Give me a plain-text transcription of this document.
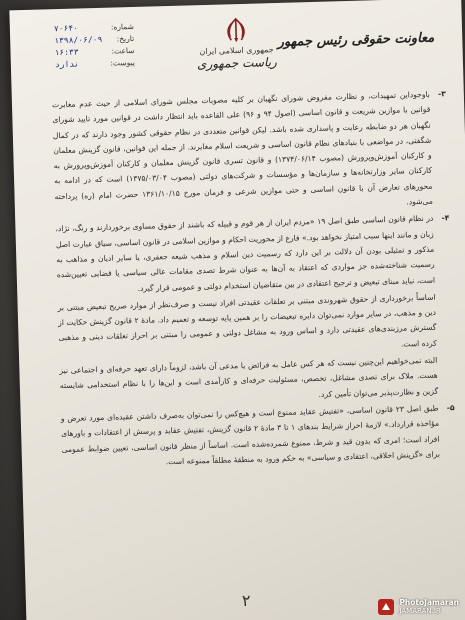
معاونت حقوقی رئیس جمهور
جمهوری اسلامی ایران
ریاست جمهوری
شماره:
۷۰۶۴۰
تاریخ:
۱۳۹۸/۰۶/۰۹
ساعت:
۱۶:۳۳
پیوست:
ندارد
۳-

باوجوداین تمهیدات، و نظارت مفروض شورای نگهبان بر کلیه مصوبات مجلس شورای اسلامی از حیث عدم مغایرت قوانین با موازین شریعت و قانون اساسی (اصول ۹۴ و ۹۶) علی القاعده باید انتظار داشت در قوانین مورد تایید شورای نگهبان هر دو ضابطه رعایت و پاسداری شده باشد. لیکن قوانین متعددی در نظام حقوقی کشور وجود دارند که در کمال شگفتی، در مواضعی با بنیادهای نظام قانون اساسی و شریعت اسلام مغایرند. از جمله این قوانین، قانون گزینش معلمان و کارکنان آموزش‌وپرورش (مصوب ۱۳۷۴/۰۶/۱۴) و قانون تسری قانون گزینش معلمان و کارکنان آموزش‌وپرورش به کارکنان سایر وزارتخانه‌ها و سازمان‌ها و مؤسسات و شرکت‌های دولتی (مصوب ۱۳۷۵/۰۳/۰۴) است که در ادامه به محورهای تعارض آن با قانون اساسی و حتی موازین شرعی و فرمان مورخ ۱۳۶۱/۱۰/۱۵ حضرت امام (ره) پرداخته می‌شود.

۴-

در نظام قانون اساسی طبق اصل ۱۹ «مردم ایران از هر قوم و قبیله که باشند از حقوق مساوی برخوردارند و رنگ، نژاد، زبان و مانند اینها سبب امتیاز نخواهد بود.» فارغ از محوریت احکام و موازین اسلامی در قانون اساسی، سیاق عبارت اصل مذکور و تمثیلی بودن آن دلالت بر این دارد که رسمیت دین اسلام و مذهب شیعه جعفری، یا سایر ادیان و مذاهب به رسمیت شناخته‌شده جز مواردی که اعتقاد به آن‌ها به عنوان شرط تصدی مقامات عالی سیاسی یا قضایی تعیین‌شده است، نباید مبنای تبعیض و ترجیح اعتقادی در بین متقاضیان استخدام دولتی و عمومی قرار گیرد.

اساساً برخورداری از حقوق شهروندی مبتنی بر تعلقات عقیدتی افراد نیست و صرف‌نظر از موارد صریح تبعیض مبتنی بر دین و مذهب، در سایر موارد نمی‌توان دایره تبعیضات را بر همین پایه توسعه و تعمیم داد. مادهٔ ۲ قانون گزینش حکایت از گسترش مرزبندی‌های عقیدتی دارد و اساس ورود به مشاغل دولتی و عمومی را مبتنی بر احراز تعلقات دینی و مذهبی کرده است.

البته نمی‌خواهیم این‌چنین نیست که هر کس عامل به فرائض یا مدعی آن باشد، لزوماً دارای تعهد حرفه‌ای و اجتماعی نیز هست. ملاک برای تصدی مشاغل، تخصص، مسئولیت حرفه‌ای و کارآمدی است و این‌ها را با نظام استخدامی شایسته گزین و نظارت‌پذیر می‌توان تأمین کرد.

۵-

طبق اصل ۲۳ قانون اساسی، «تفتیش عقاید ممنوع است و هیچ‌کس را نمی‌توان به‌صرف داشتن عقیده‌ای مورد تعرض و مؤاخذه قرارداد.» لازمهٔ احراز شرایط بندهای ۱ تا ۳ مادهٔ ۲ قانون گزینش، تفتیش عقاید و پرسش از اعتقادات و باورهای افراد است؛ امری که بدون قید و شرط، ممنوع شمرده‌شده است. اساساً از منظر قانون اساسی، تعیین ضوابط عمومی برای «گزینش اخلاقی، اعتقادی و سیاسی» به حکم ورود به منطقهٔ مطلقاً ممنوعه است.

۲	PhotoJamaran
JAMARAN.IR
